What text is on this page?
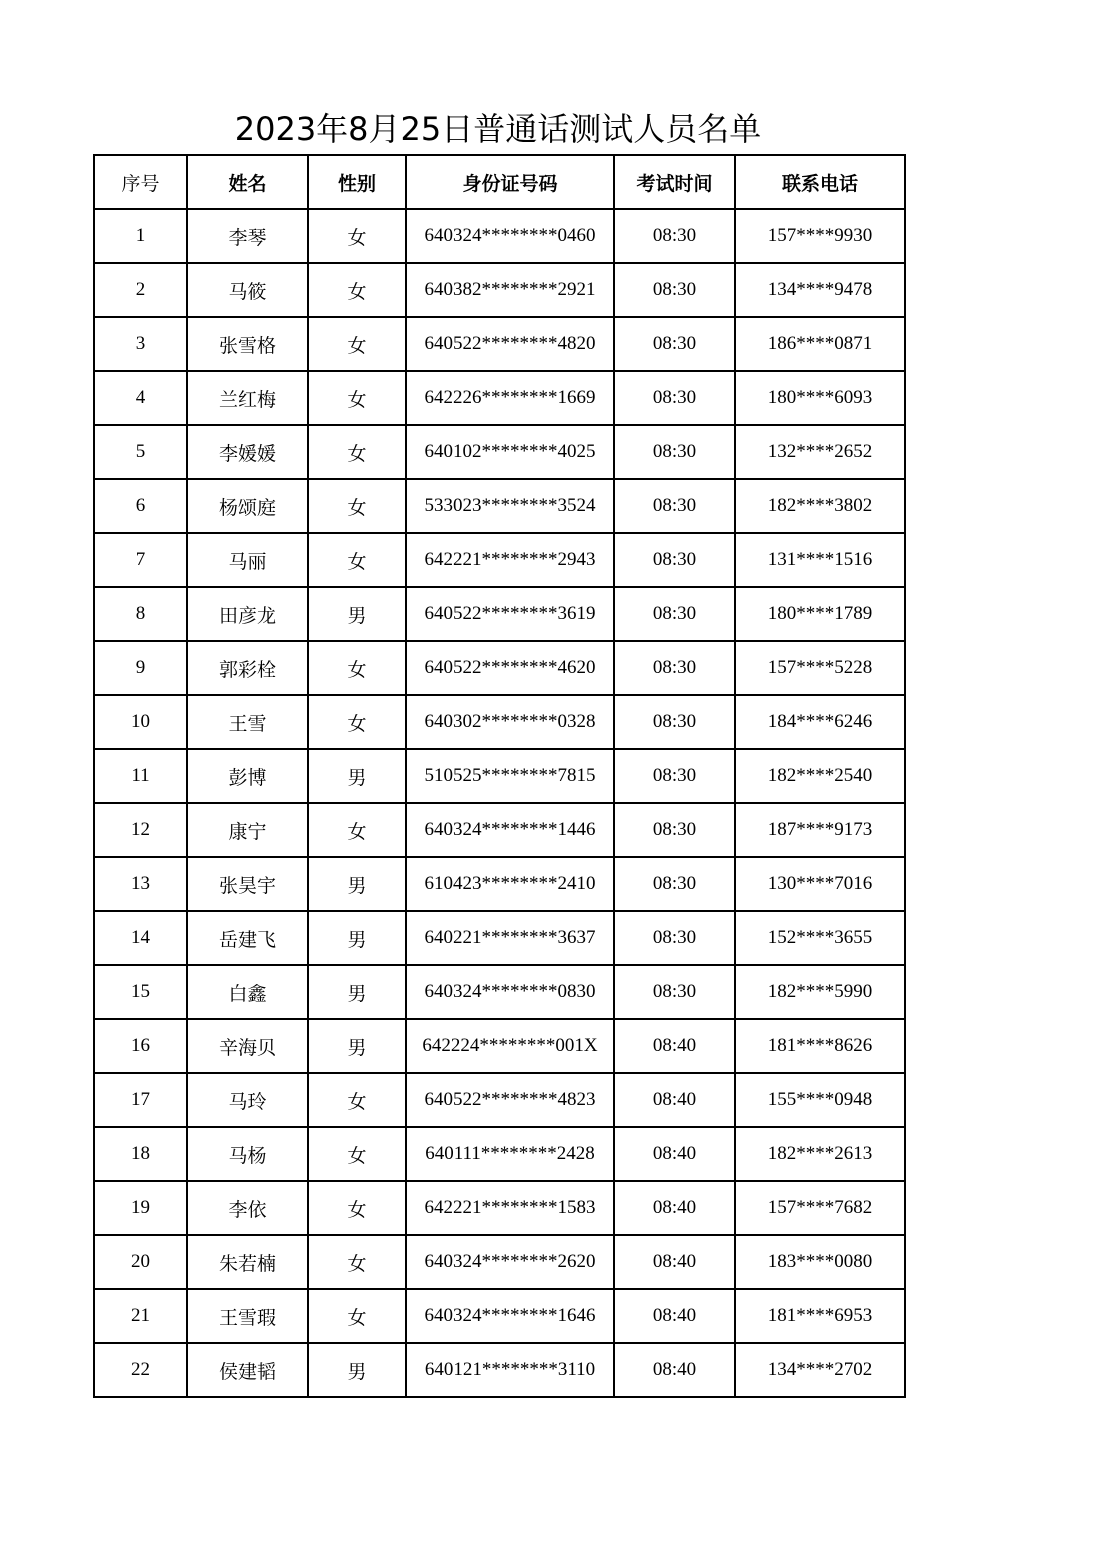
2023年8月25日普通话测试人员名单
序号	姓名	性别	身份证号码	考试时间	联系电话
1	李琴	女	640324********0460	08:30	157****9930
2	马筱	女	640382********2921	08:30	134****9478
3	张雪格	女	640522********4820	08:30	186****0871
4	兰红梅	女	642226********1669	08:30	180****6093
5	李媛媛	女	640102********4025	08:30	132****2652
6	杨颂庭	女	533023********3524	08:30	182****3802
7	马丽	女	642221********2943	08:30	131****1516
8	田彦龙	男	640522********3619	08:30	180****1789
9	郭彩栓	女	640522********4620	08:30	157****5228
10	王雪	女	640302********0328	08:30	184****6246
11	彭博	男	510525********7815	08:30	182****2540
12	康宁	女	640324********1446	08:30	187****9173
13	张昊宇	男	610423********2410	08:30	130****7016
14	岳建飞	男	640221********3637	08:30	152****3655
15	白鑫	男	640324********0830	08:30	182****5990
16	辛海贝	男	642224********001X	08:40	181****8626
17	马玲	女	640522********4823	08:40	155****0948
18	马杨	女	640111********2428	08:40	182****2613
19	李依	女	642221********1583	08:40	157****7682
20	朱若楠	女	640324********2620	08:40	183****0080
21	王雪瑕	女	640324********1646	08:40	181****6953
22	侯建韬	男	640121********3110	08:40	134****2702
